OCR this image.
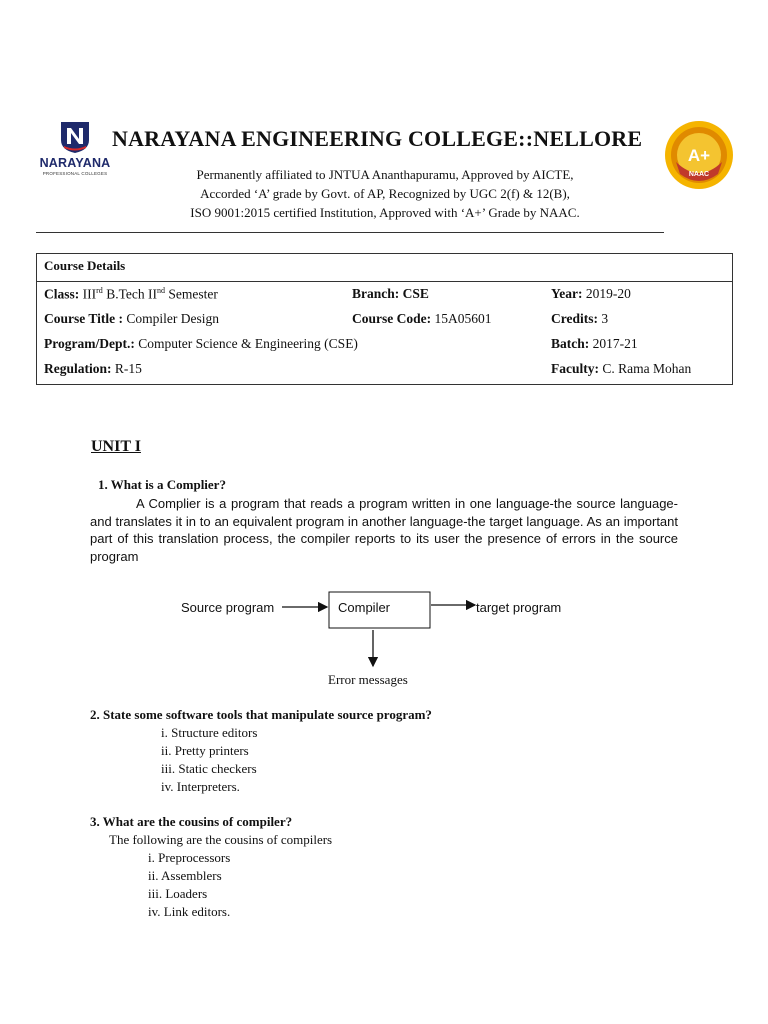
NARAYANA
PROFESSIONAL COLLEGES
NARAYANA ENGINEERING COLLEGE::NELLORE
A+
NAAC
Permanently affiliated to JNTUA Ananthapuramu, Approved by AICTE,
Accorded ‘A’ grade by Govt. of AP, Recognized by UGC 2(f) & 12(B),
ISO 9001:2015 certified Institution, Approved with ‘A+’ Grade by NAAC.
Course Details
Class: IIIrd B.Tech IInd Semester	Branch: CSE	Year: 2019-20
Course Title : Compiler Design	Course Code: 15A05601	Credits: 3
Program/Dept.: Computer Science & Engineering (CSE)	Batch: 2017-21
Regulation: R-15	Faculty: C. Rama Mohan
UNIT I
1. What is a Complier?
A Complier is a program that reads a program written in one language-the source language-and translates it in to an equivalent program in another language-the target language. As an important part of this translation process, the compiler reports to its user the presence of errors in the source program
Source program	Compiler	target program
Error messages
2. State some software tools that manipulate source program?
i. Structure editors
ii. Pretty printers
iii. Static checkers
iv. Interpreters.
3. What are the cousins of compiler?
The following are the cousins of compilers
i. Preprocessors
ii. Assemblers
iii. Loaders
iv. Link editors.
